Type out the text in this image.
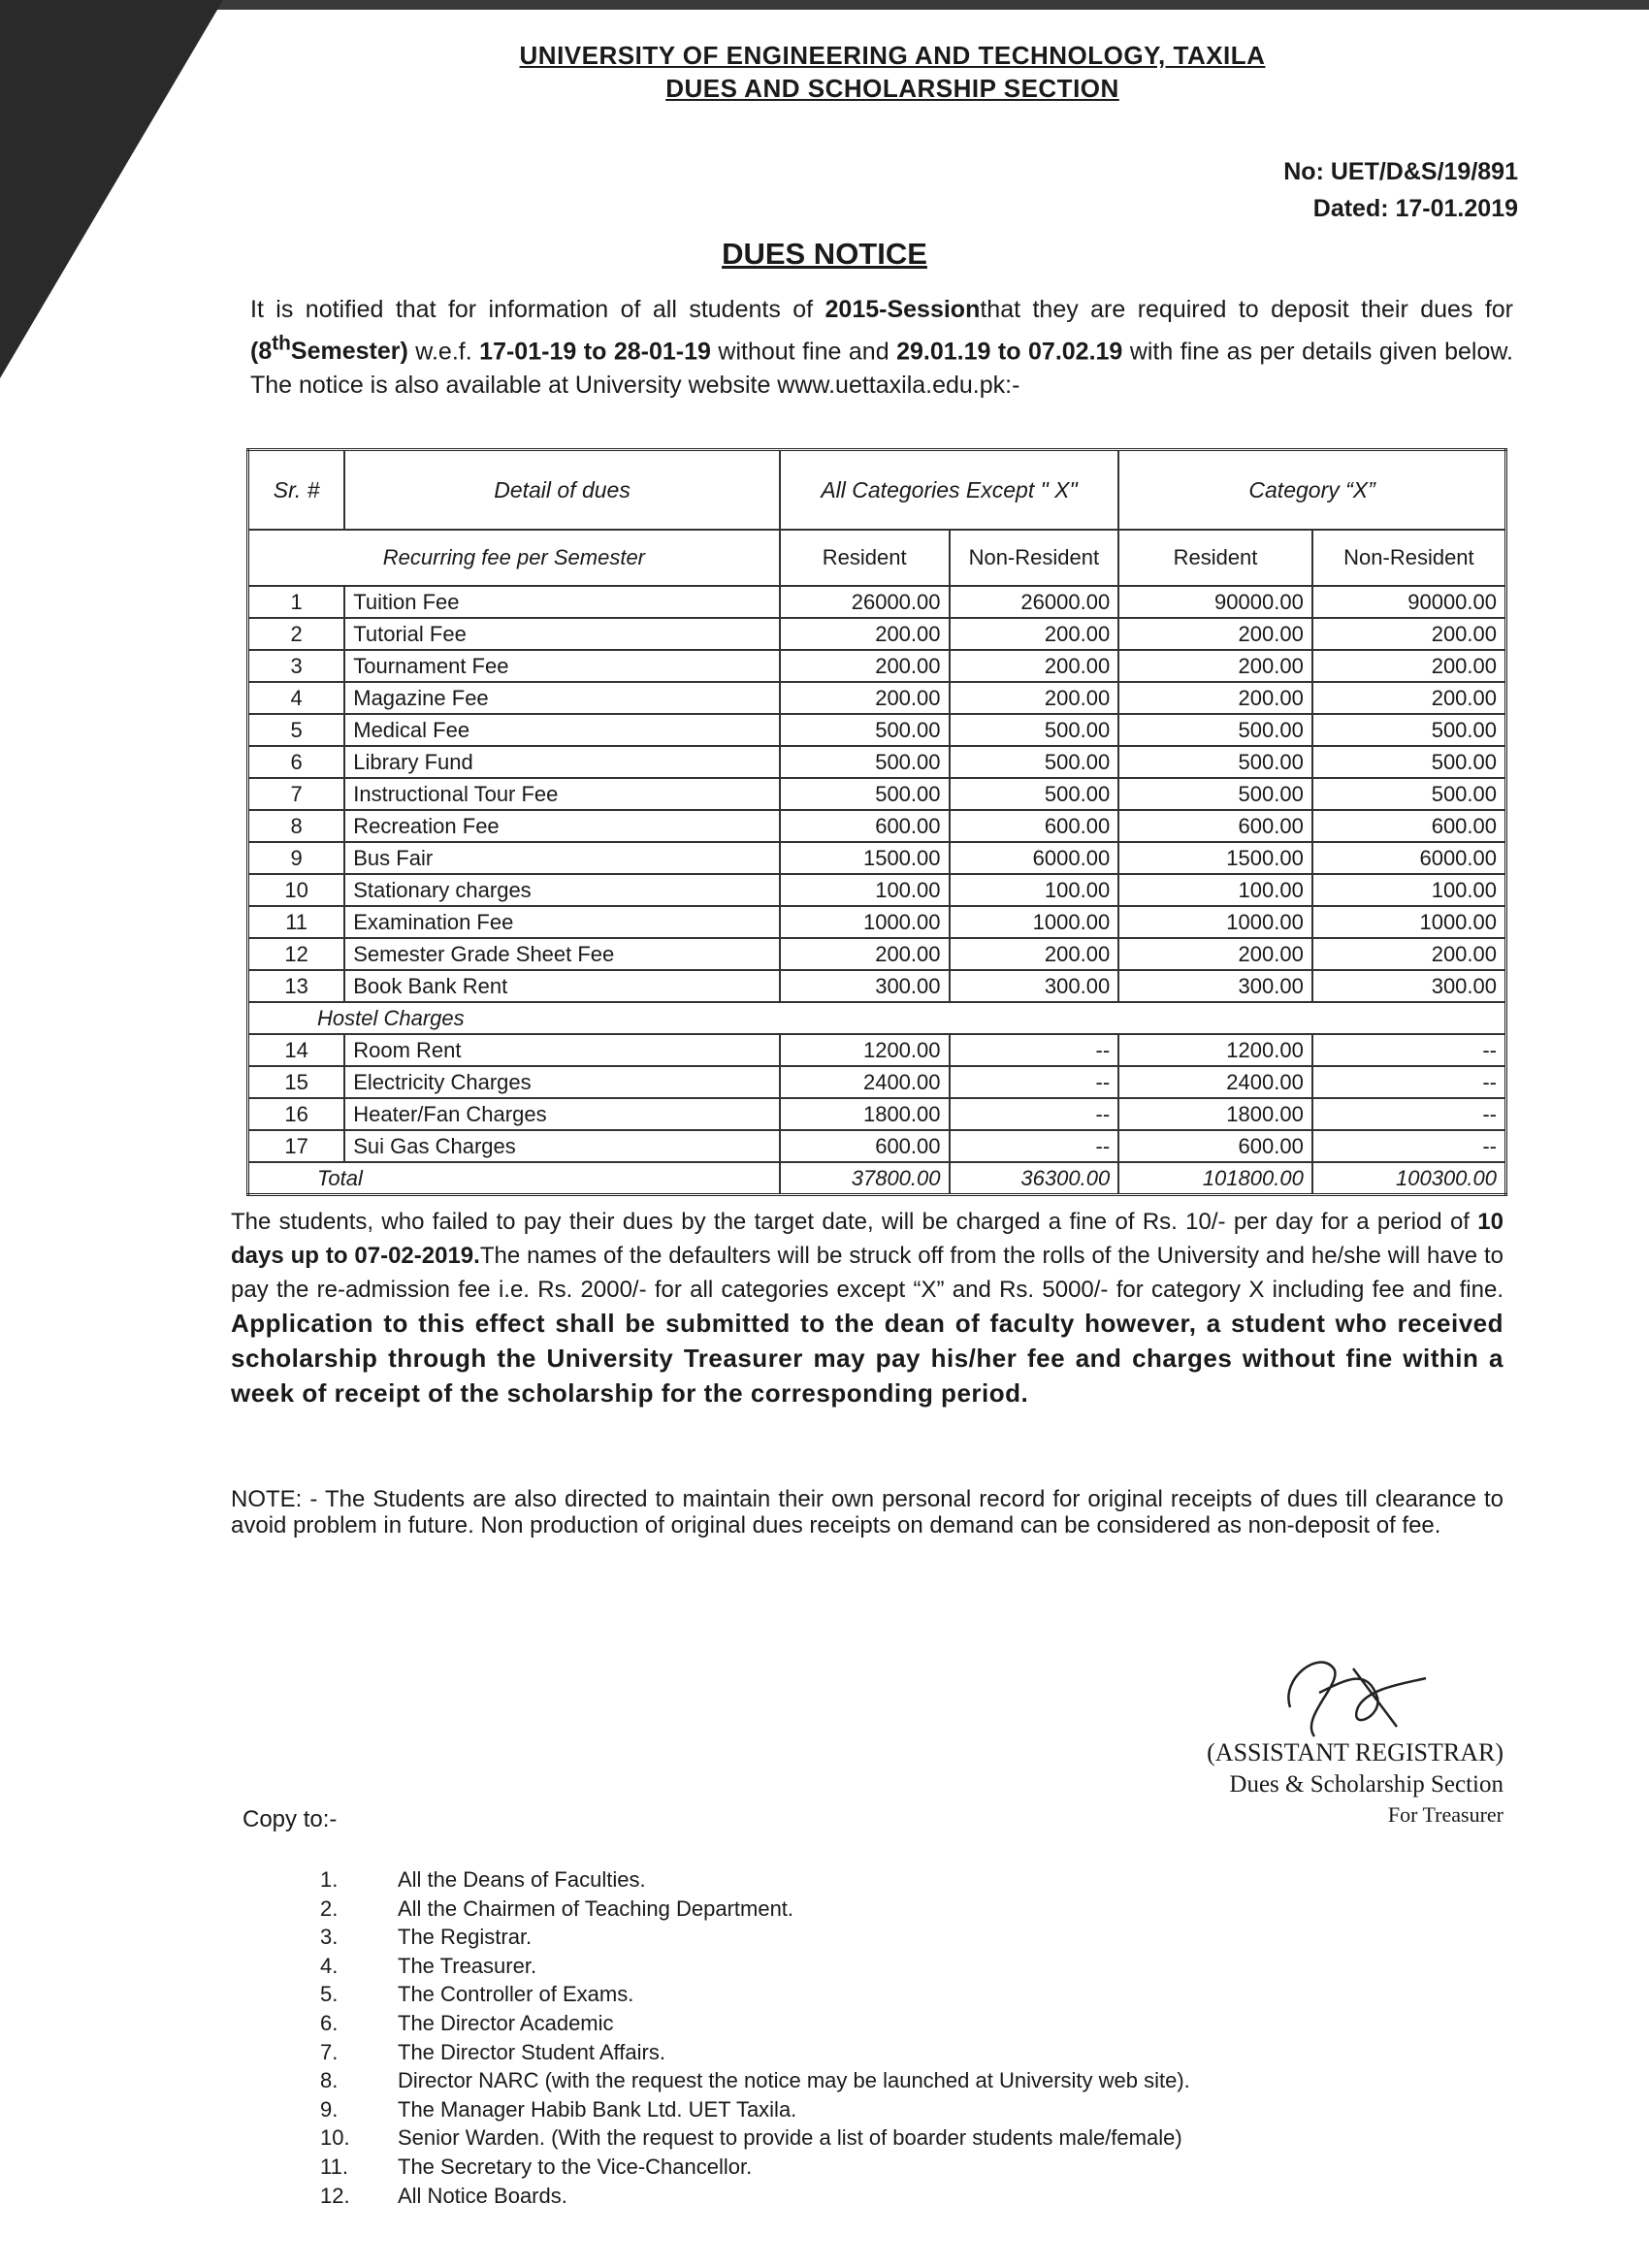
UNIVERSITY OF ENGINEERING AND TECHNOLOGY, TAXILA
DUES AND SCHOLARSHIP SECTION
No: UET/D&S/19/891
Dated: 17-01.2019
DUES NOTICE
It is notified that for information of all students of 2015-Sessionthat they are required to deposit their dues for (8thSemester) w.e.f. 17-01-19 to 28-01-19 without fine and 29.01.19 to 07.02.19 with fine as per details given below. The notice is also available at University website www.uettaxila.edu.pk:-
Sr. #	Detail of dues	All Categories Except " X"		Category “X”	
Recurring fee per Semester		Resident	Non-Resident	Resident	Non-Resident
1	Tuition Fee	26000.00	26000.00	90000.00	90000.00
2	Tutorial Fee	200.00	200.00	200.00	200.00
3	Tournament Fee	200.00	200.00	200.00	200.00
4	Magazine Fee	200.00	200.00	200.00	200.00
5	Medical Fee	500.00	500.00	500.00	500.00
6	Library Fund	500.00	500.00	500.00	500.00
7	Instructional Tour Fee	500.00	500.00	500.00	500.00
8	Recreation Fee	600.00	600.00	600.00	600.00
9	Bus Fair	1500.00	6000.00	1500.00	6000.00
10	Stationary charges	100.00	100.00	100.00	100.00
11	Examination Fee	1000.00	1000.00	1000.00	1000.00
12	Semester Grade Sheet Fee	200.00	200.00	200.00	200.00
13	Book Bank Rent	300.00	300.00	300.00	300.00
Hostel Charges					
14	Room Rent	1200.00	--	1200.00	--
15	Electricity Charges	2400.00	--	2400.00	--
16	Heater/Fan Charges	1800.00	--	1800.00	--
17	Sui Gas Charges	600.00	--	600.00	--
Total		37800.00	36300.00	101800.00	100300.00
The students, who failed to pay their dues by the target date, will be charged a fine of Rs. 10/- per day for a period of 10 days up to 07-02-2019.The names of the defaulters will be struck off from the rolls of the University and he/she will have to pay the re-admission fee i.e. Rs. 2000/- for all categories except “X” and Rs. 5000/- for category X including fee and fine. Application to this effect shall be submitted to the dean of faculty however, a student who received scholarship through the University Treasurer may pay his/her fee and charges without fine within a week of receipt of the scholarship for the corresponding period.
NOTE: - The Students are also directed to maintain their own personal record for original receipts of dues till clearance to avoid problem in future. Non production of original dues receipts on demand can be considered as non-deposit of fee.
(ASSISTANT REGISTRAR)
Dues & Scholarship Section
For Treasurer
Copy to:-
1.	All the Deans of Faculties.
2.	All the Chairmen of Teaching Department.
3.	The Registrar.
4.	The Treasurer.
5.	The Controller of Exams.
6.	The Director Academic
7.	The Director Student Affairs.
8.	Director NARC (with the request the notice may be launched at University web site).
9.	The Manager Habib Bank Ltd. UET Taxila.
10. Senior Warden. (With the request to provide a list of boarder students male/female)
11. The Secretary to the Vice-Chancellor.
12. All Notice Boards.
